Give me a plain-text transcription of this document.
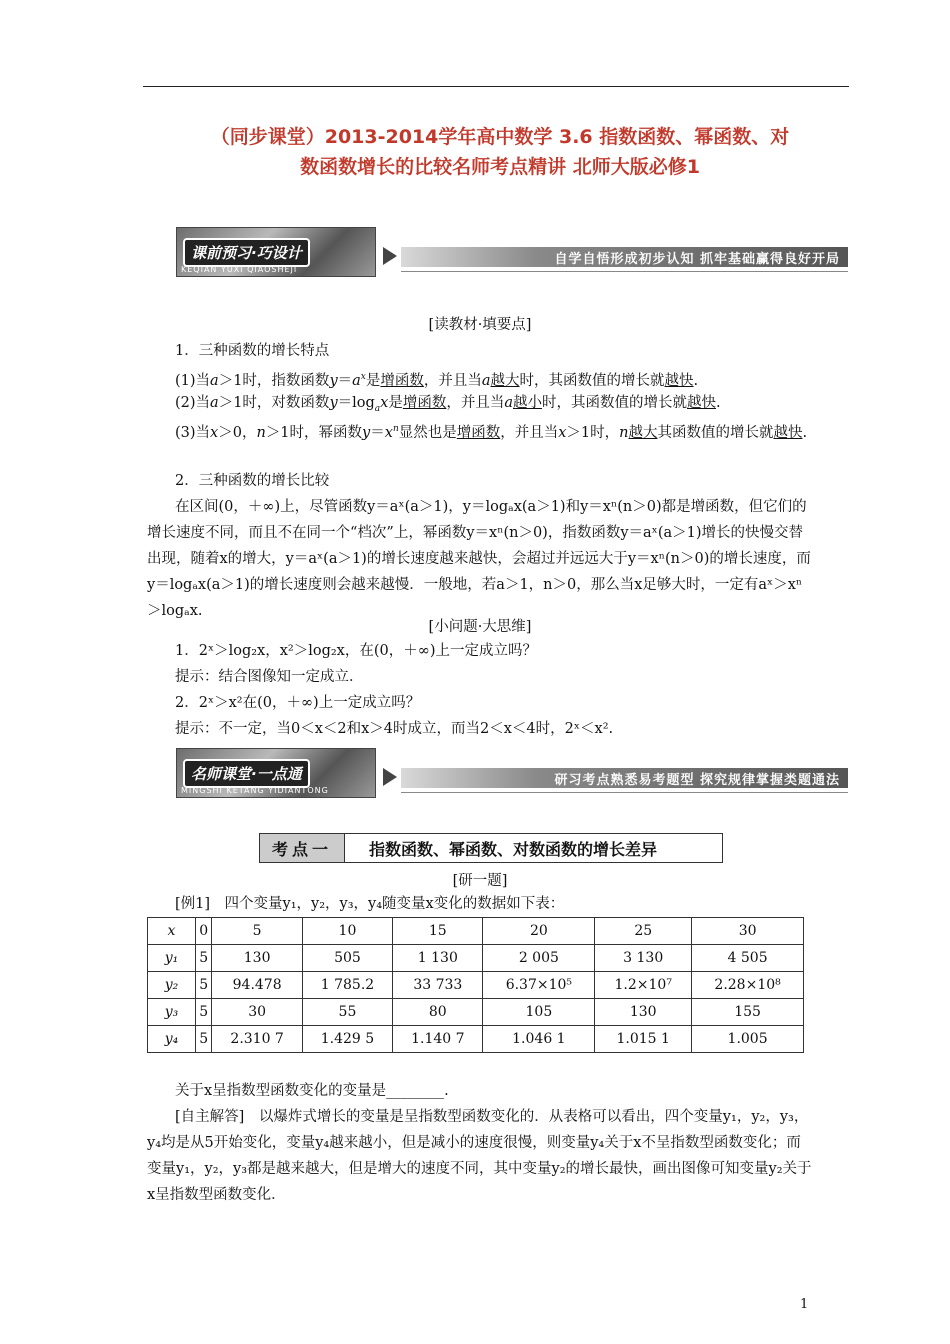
（同步课堂）2013-2014学年高中数学 3.6 指数函数、幂函数、对
数函数增长的比较名师考点精讲 北师大版必修1
课前预习·巧设计
KEQIAN YUXI QIAOSHEJI
自学自悟形成初步认知 抓牢基础赢得良好开局
[读教材·填要点]
1．三种函数的增长特点
(1)当a＞1时，指数函数$y=a^x$是增函数，并且当a越大时，其函数值的增长就越快.
(2)当a＞1时，对数函数$y=\log_ax$是增函数，并且当a越小时，其函数值的增长就越快.
(3)当x＞0，n＞1时，幂函数$y=x^n$显然也是增函数，并且当x＞1时，n越大其函数值的增长就越快.
2．三种函数的增长比较
在区间(0，＋∞)上，尽管函数y＝aˣ(a＞1)，y＝logₐx(a＞1)和y＝xⁿ(n＞0)都是增函数，但它们的增长速度不同，而且不在同一个“档次”上，幂函数y＝xⁿ(n＞0)，指数函数y＝aˣ(a＞1)增长的快慢交替出现，随着x的增大，y＝aˣ(a＞1)的增长速度越来越快，会超过并远远大于y＝xⁿ(n＞0)的增长速度，而y＝logₐx(a＞1)的增长速度则会越来越慢．一般地，若a＞1，n＞0，那么当x足够大时，一定有aˣ＞xⁿ＞logₐx.
[小问题·大思维]
1．2ˣ＞log₂x，x²＞log₂x，在(0，＋∞)上一定成立吗？
提示：结合图像知一定成立．
2．2ˣ＞x²在(0，＋∞)上一定成立吗？
提示：不一定，当0＜x＜2和x＞4时成立，而当2＜x＜4时，2ˣ＜x².
名师课堂·一点通
MINGSHI KETANG YIDIANTONG
研习考点熟悉易考题型 探究规律掌握类题通法
考点一	指数函数、幂函数、对数函数的增长差异
[研一题]
[例1]　四个变量y₁，y₂，y₃，y₄随变量x变化的数据如下表：
x	0	5	10	15	20	25	30
y₁	5	130	505	1 130	2 005	3 130	4 505
y₂	5	94.478	1 785.2	33 733	6.37×10⁵	1.2×10⁷	2.28×10⁸
y₃	5	30	55	80	105	130	155
y₄	5	2.310 7	1.429 5	1.140 7	1.046 1	1.015 1	1.005
关于x呈指数型函数变化的变量是________.
[自主解答]　以爆炸式增长的变量是呈指数型函数变化的．从表格可以看出，四个变量y₁，y₂，y₃，y₄均是从5开始变化，变量y₄越来越小，但是减小的速度很慢，则变量y₄关于x不呈指数型函数变化；而变量y₁，y₂，y₃都是越来越大，但是增大的速度不同，其中变量y₂的增长最快，画出图像可知变量y₂关于x呈指数型函数变化．
1
